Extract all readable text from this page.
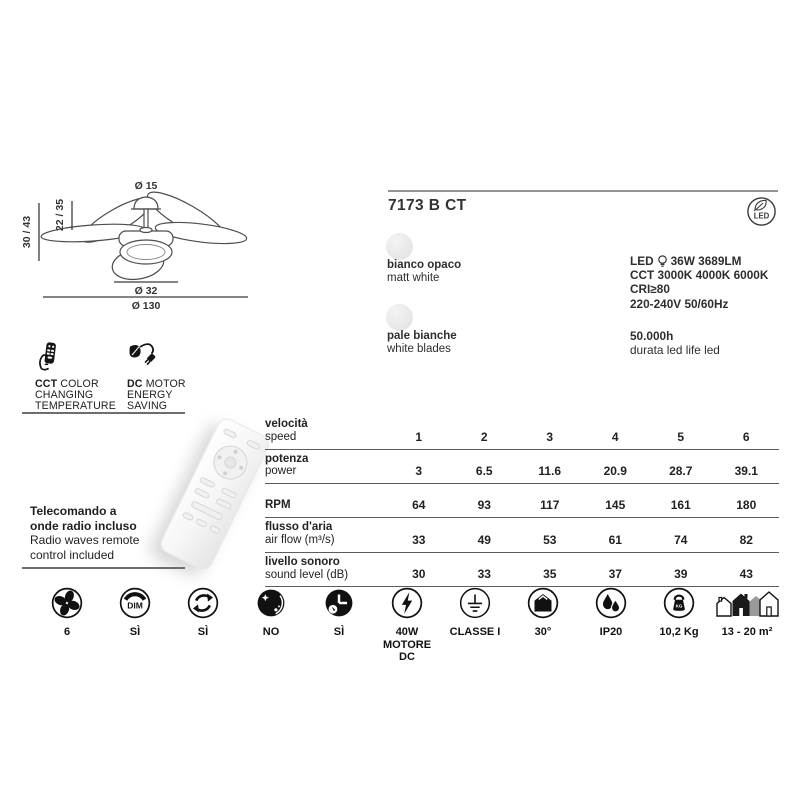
Ø 15
30 / 43
22 / 35
Ø 32
Ø 130
7173 B CT
LED
bianco opaco
matt white
pale bianche
white blades
LED 36W 3689LM
CCT 3000K 4000K 6000K
CRI≥80
220-240V 50/60Hz
50.000h
durata led life led
CCT COLOR
CHANGING
TEMPERATURE
DC MOTOR
ENERGY
SAVING
Telecomando a
onde radio incluso
Radio waves remote
control included
velocità
speed	1	2	3	4	5	6
potenza
power	3	6.5	11.6	20.9	28.7	39.1
RPM	64	93	117	145	161	180
flusso d'aria
air flow (m³/s)	33	49	53	61	74	82
livello sonoro
sound level (dB)	30	33	35	37	39	43
6
DIM
SÌ	SÌ	NO	SÌ	40W MOTORE DC
CLASSE I	30°	IP20
KG
10,2 Kg 13 - 20 m²
